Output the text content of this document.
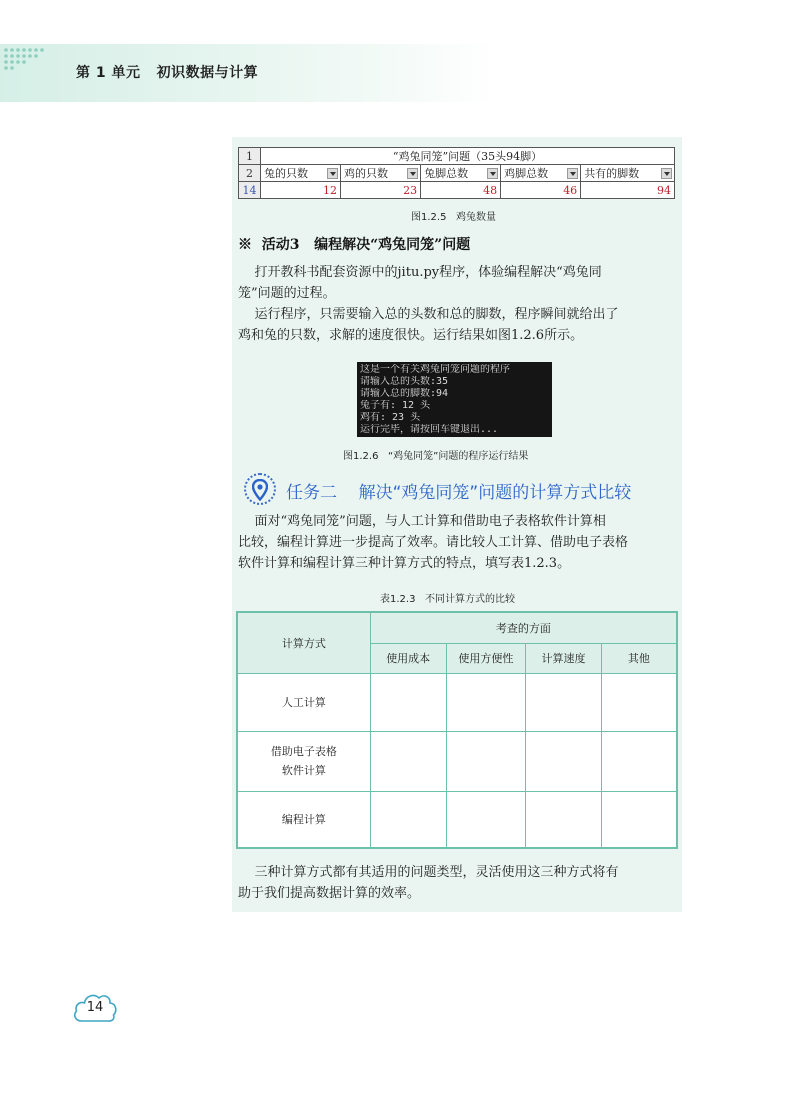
第 1 单元   初识数据与计算
1	“鸡兔同笼”问题（35头94脚）				
2	兔的只数	鸡的只数	兔脚总数	鸡脚总数	共有的脚数

14	12	23	48	46	94
图1.2.5   鸡兔数量
※  活动3   编程解决“鸡兔同笼”问题
打开教科书配套资源中的jitu.py程序，体验编程解决“鸡兔同
笼”问题的过程。
运行程序，只需要输入总的头数和总的脚数，程序瞬间就给出了
鸡和兔的只数，求解的速度很快。运行结果如图1.2.6所示。
这是一个有关鸡兔同笼问题的程序
请输入总的头数:35
请输入总的脚数:94
兔子有: 12 头
鸡有: 23 头
运行完毕，请按回车键退出...
图1.2.6   “鸡兔同笼”问题的程序运行结果
任务二    解决“鸡兔同笼”问题的计算方式比较
面对“鸡兔同笼”问题，与人工计算和借助电子表格软件计算相
比较，编程计算进一步提高了效率。请比较人工计算、借助电子表格
软件计算和编程计算三种计算方式的特点，填写表1.2.3。
表1.2.3   不同计算方式的比较
计算方式	考查的方面			
	使用成本	使用方便性	计算速度	其他
人工计算				

借助电子表格
软件计算				

编程计算				
三种计算方式都有其适用的问题类型，灵活使用这三种方式将有
助于我们提高数据计算的效率。
14
